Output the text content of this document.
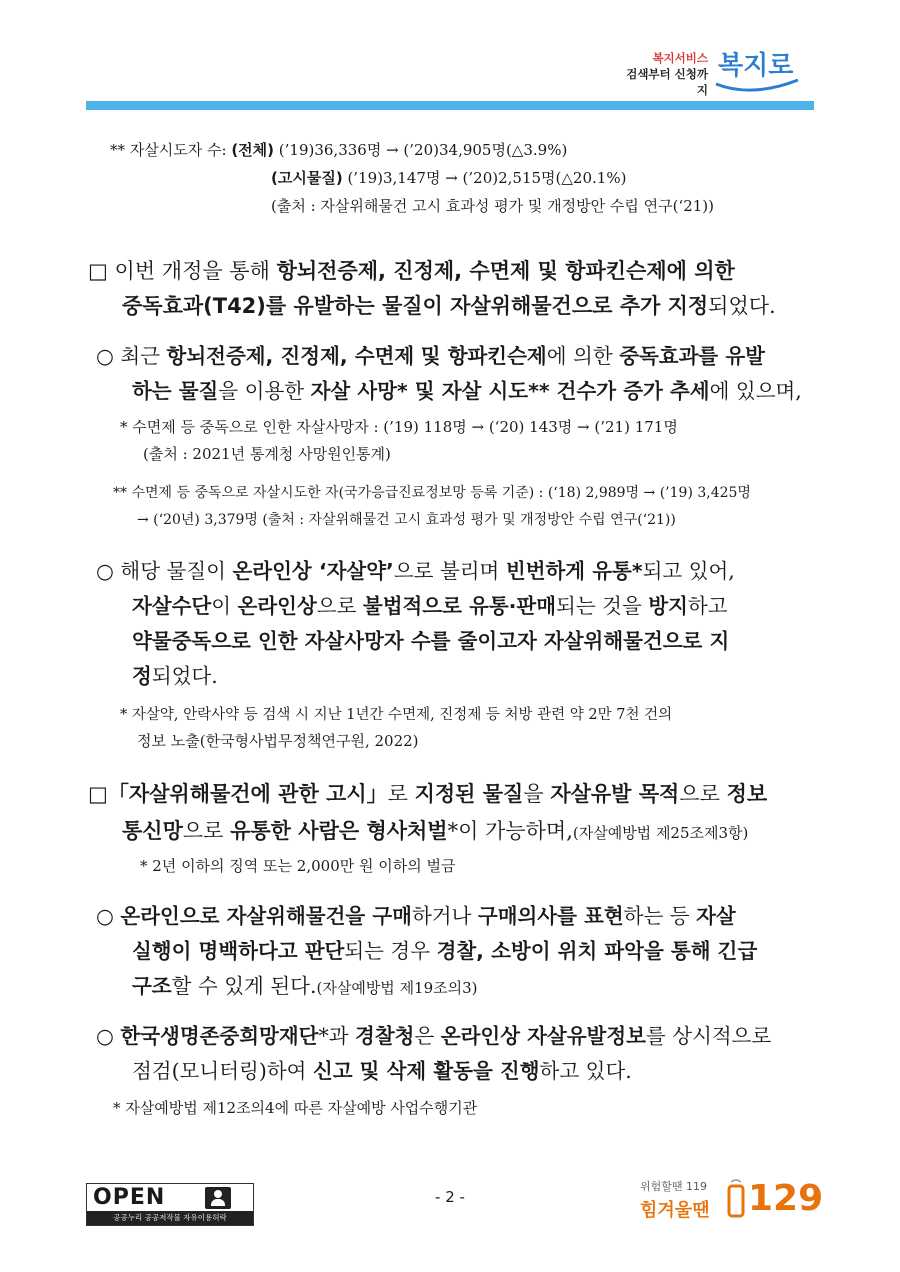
복지서비스
검색부터 신청까지
복지로
** 자살시도자 수: (전체) (’19)36,336명 → (’20)34,905명(△3.9%)
(고시물질) (’19)3,147명 → (’20)2,515명(△20.1%)
(출처 : 자살위해물건 고시 효과성 평가 및 개정방안 수립 연구(‘21))
□ 이번 개정을 통해 항뇌전증제, 진정제, 수면제 및 항파킨슨제에 의한
중독효과(T42)를 유발하는 물질이 자살위해물건으로 추가 지정되었다.
○ 최근 항뇌전증제, 진정제, 수면제 및 항파킨슨제에 의한 중독효과를 유발
하는 물질을 이용한 자살 사망* 및 자살 시도** 건수가 증가 추세에 있으며,
* 수면제 등 중독으로 인한 자살사망자 : (’19) 118명 → (‘20) 143명 → (’21) 171명
(출처 : 2021년 통계청 사망원인통계)
** 수면제 등 중독으로 자살시도한 자(국가응급진료정보망 등록 기준) : (‘18) 2,989명 → (’19) 3,425명
→ (‘20년) 3,379명 (출처 : 자살위해물건 고시 효과성 평가 및 개정방안 수립 연구(‘21))
○ 해당 물질이 온라인상 ‘자살약’으로 불리며 빈번하게 유통*되고 있어,
자살수단이 온라인상으로 불법적으로 유통·판매되는 것을 방지하고
약물중독으로 인한 자살사망자 수를 줄이고자 자살위해물건으로 지
정되었다.
* 자살약, 안락사약 등 검색 시 지난 1년간 수면제, 진정제 등 처방 관련 약 2만 7천 건의
정보 노출(한국형사법무정책연구원, 2022)
□「자살위해물건에 관한 고시」로 지정된 물질을 자살유발 목적으로 정보
통신망으로 유통한 사람은 형사처벌*이 가능하며,(자살예방법 제25조제3항)
* 2년 이하의 징역 또는 2,000만 원 이하의 벌금
○ 온라인으로 자살위해물건을 구매하거나 구매의사를 표현하는 등 자살
실행이 명백하다고 판단되는 경우 경찰, 소방이 위치 파악을 통해 긴급
구조할 수 있게 된다.(자살예방법 제19조의3)
○ 한국생명존중희망재단*과 경찰청은 온라인상 자살유발정보를 상시적으로
점검(모니터링)하여 신고 및 삭제 활동을 진행하고 있다.
* 자살예방법 제12조의4에 따른 자살예방 사업수행기관
OPEN
공공누리 공공저작물 자유이용허락
- 2 -
위험할땐 119
힘겨울땐 129
